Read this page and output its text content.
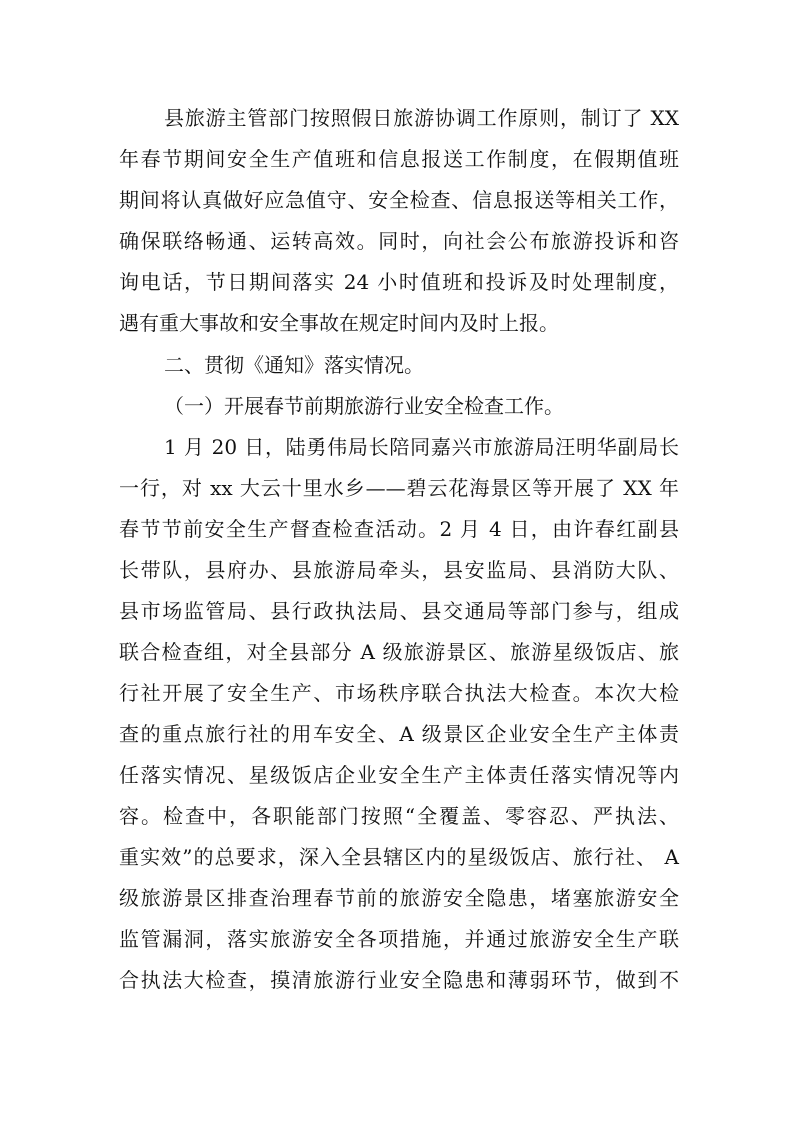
县旅游主管部门按照假日旅游协调工作原则，制订了 XX
年春节期间安全生产值班和信息报送工作制度，在假期值班
期间将认真做好应急值守、安全检查、信息报送等相关工作，
确保联络畅通、运转高效。同时，向社会公布旅游投诉和咨
询电话，节日期间落实 24 小时值班和投诉及时处理制度，
遇有重大事故和安全事故在规定时间内及时上报。
二、贯彻《通知》落实情况。
（一）开展春节前期旅游行业安全检查工作。
1 月 20 日，陆勇伟局长陪同嘉兴市旅游局汪明华副局长
一行，对 xx 大云十里水乡——碧云花海景区等开展了 XX 年
春节节前安全生产督查检查活动。2 月 4 日，由许春红副县
长带队，县府办、县旅游局牵头，县安监局、县消防大队、
县市场监管局、县行政执法局、县交通局等部门参与，组成
联合检查组，对全县部分 A 级旅游景区、旅游星级饭店、旅
行社开展了安全生产、市场秩序联合执法大检查。本次大检
查的重点旅行社的用车安全、A 级景区企业安全生产主体责
任落实情况、星级饭店企业安全生产主体责任落实情况等内
容。检查中，各职能部门按照“全覆盖、零容忍、严执法、
重实效”的总要求，深入全县辖区内的星级饭店、旅行社、 A
级旅游景区排查治理春节前的旅游安全隐患，堵塞旅游安全
监管漏洞，落实旅游安全各项措施，并通过旅游安全生产联
合执法大检查，摸清旅游行业安全隐患和薄弱环节，做到不
